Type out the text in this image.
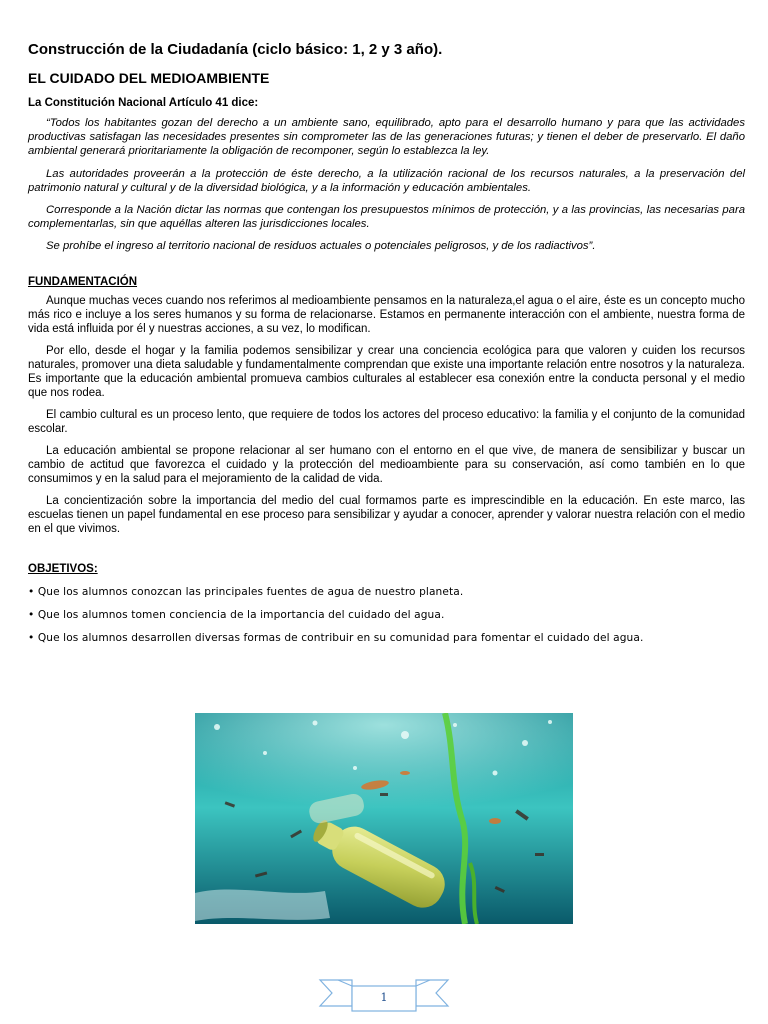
Construcción de la Ciudadanía (ciclo básico: 1, 2 y 3 año).
EL CUIDADO DEL MEDIOAMBIENTE
La Constitución Nacional Artículo 41 dice:

“Todos los habitantes gozan del derecho a un ambiente sano, equilibrado, apto para el desarrollo humano y para que las actividades productivas satisfagan las necesidades presentes sin comprometer las de las generaciones futuras; y tienen el deber de preservarlo. El daño ambiental generará prioritariamente la obligación de recomponer, según lo establezca la ley.

Las autoridades proveerán a la protección de éste derecho, a la utilización racional de los recursos naturales, a la preservación del patrimonio natural y cultural y de la diversidad biológica, y a la información y educación ambientales.

Corresponde a la Nación dictar las normas que contengan los presupuestos mínimos de protección, y a las provincias, las necesarias para complementarlas, sin que aquéllas alteren las jurisdicciones locales.

Se prohíbe el ingreso al territorio nacional de residuos actuales o potenciales peligrosos, y de los radiactivos”.

FUNDAMENTACIÓN

Aunque muchas veces cuando nos referimos al medioambiente pensamos en la naturaleza,el agua o el aire, éste es un concepto mucho más rico e incluye a los seres humanos y su forma de relacionarse. Estamos en permanente interacción con el ambiente, nuestra forma de vida está influida por él y nuestras acciones, a su vez, lo modifican.

Por ello, desde el hogar y la familia podemos sensibilizar y crear una conciencia ecológica para que valoren y cuiden los recursos naturales, promover una dieta saludable y fundamentalmente comprendan que existe una importante relación entre nosotros y la naturaleza. Es importante que la educación ambiental promueva cambios culturales al establecer esa conexión entre la conducta personal y el medio que nos rodea.

El cambio cultural es un proceso lento, que requiere de todos los actores del proceso educativo: la familia y el conjunto de la comunidad escolar.

La educación ambiental se propone relacionar al ser humano con el entorno en el que vive, de manera de sensibilizar y buscar un cambio de actitud que favorezca el cuidado y la protección del medioambiente para su conservación, así como también en lo que consumimos y en la salud para el mejoramiento de la calidad de vida.

La concientización sobre la importancia del medio del cual formamos parte es imprescindible en la educación. En este marco, las escuelas tienen un papel fundamental en ese proceso para sensibilizar y ayudar a conocer, aprender y valorar nuestra relación con el medio en el que vivimos.

OBJETIVOS:
• Que los alumnos conozcan las principales fuentes de agua de nuestro planeta.
• Que los alumnos tomen conciencia de la importancia del cuidado del agua.
• Que los alumnos desarrollen diversas formas de contribuir en su comunidad para fomentar el cuidado del agua.
1
